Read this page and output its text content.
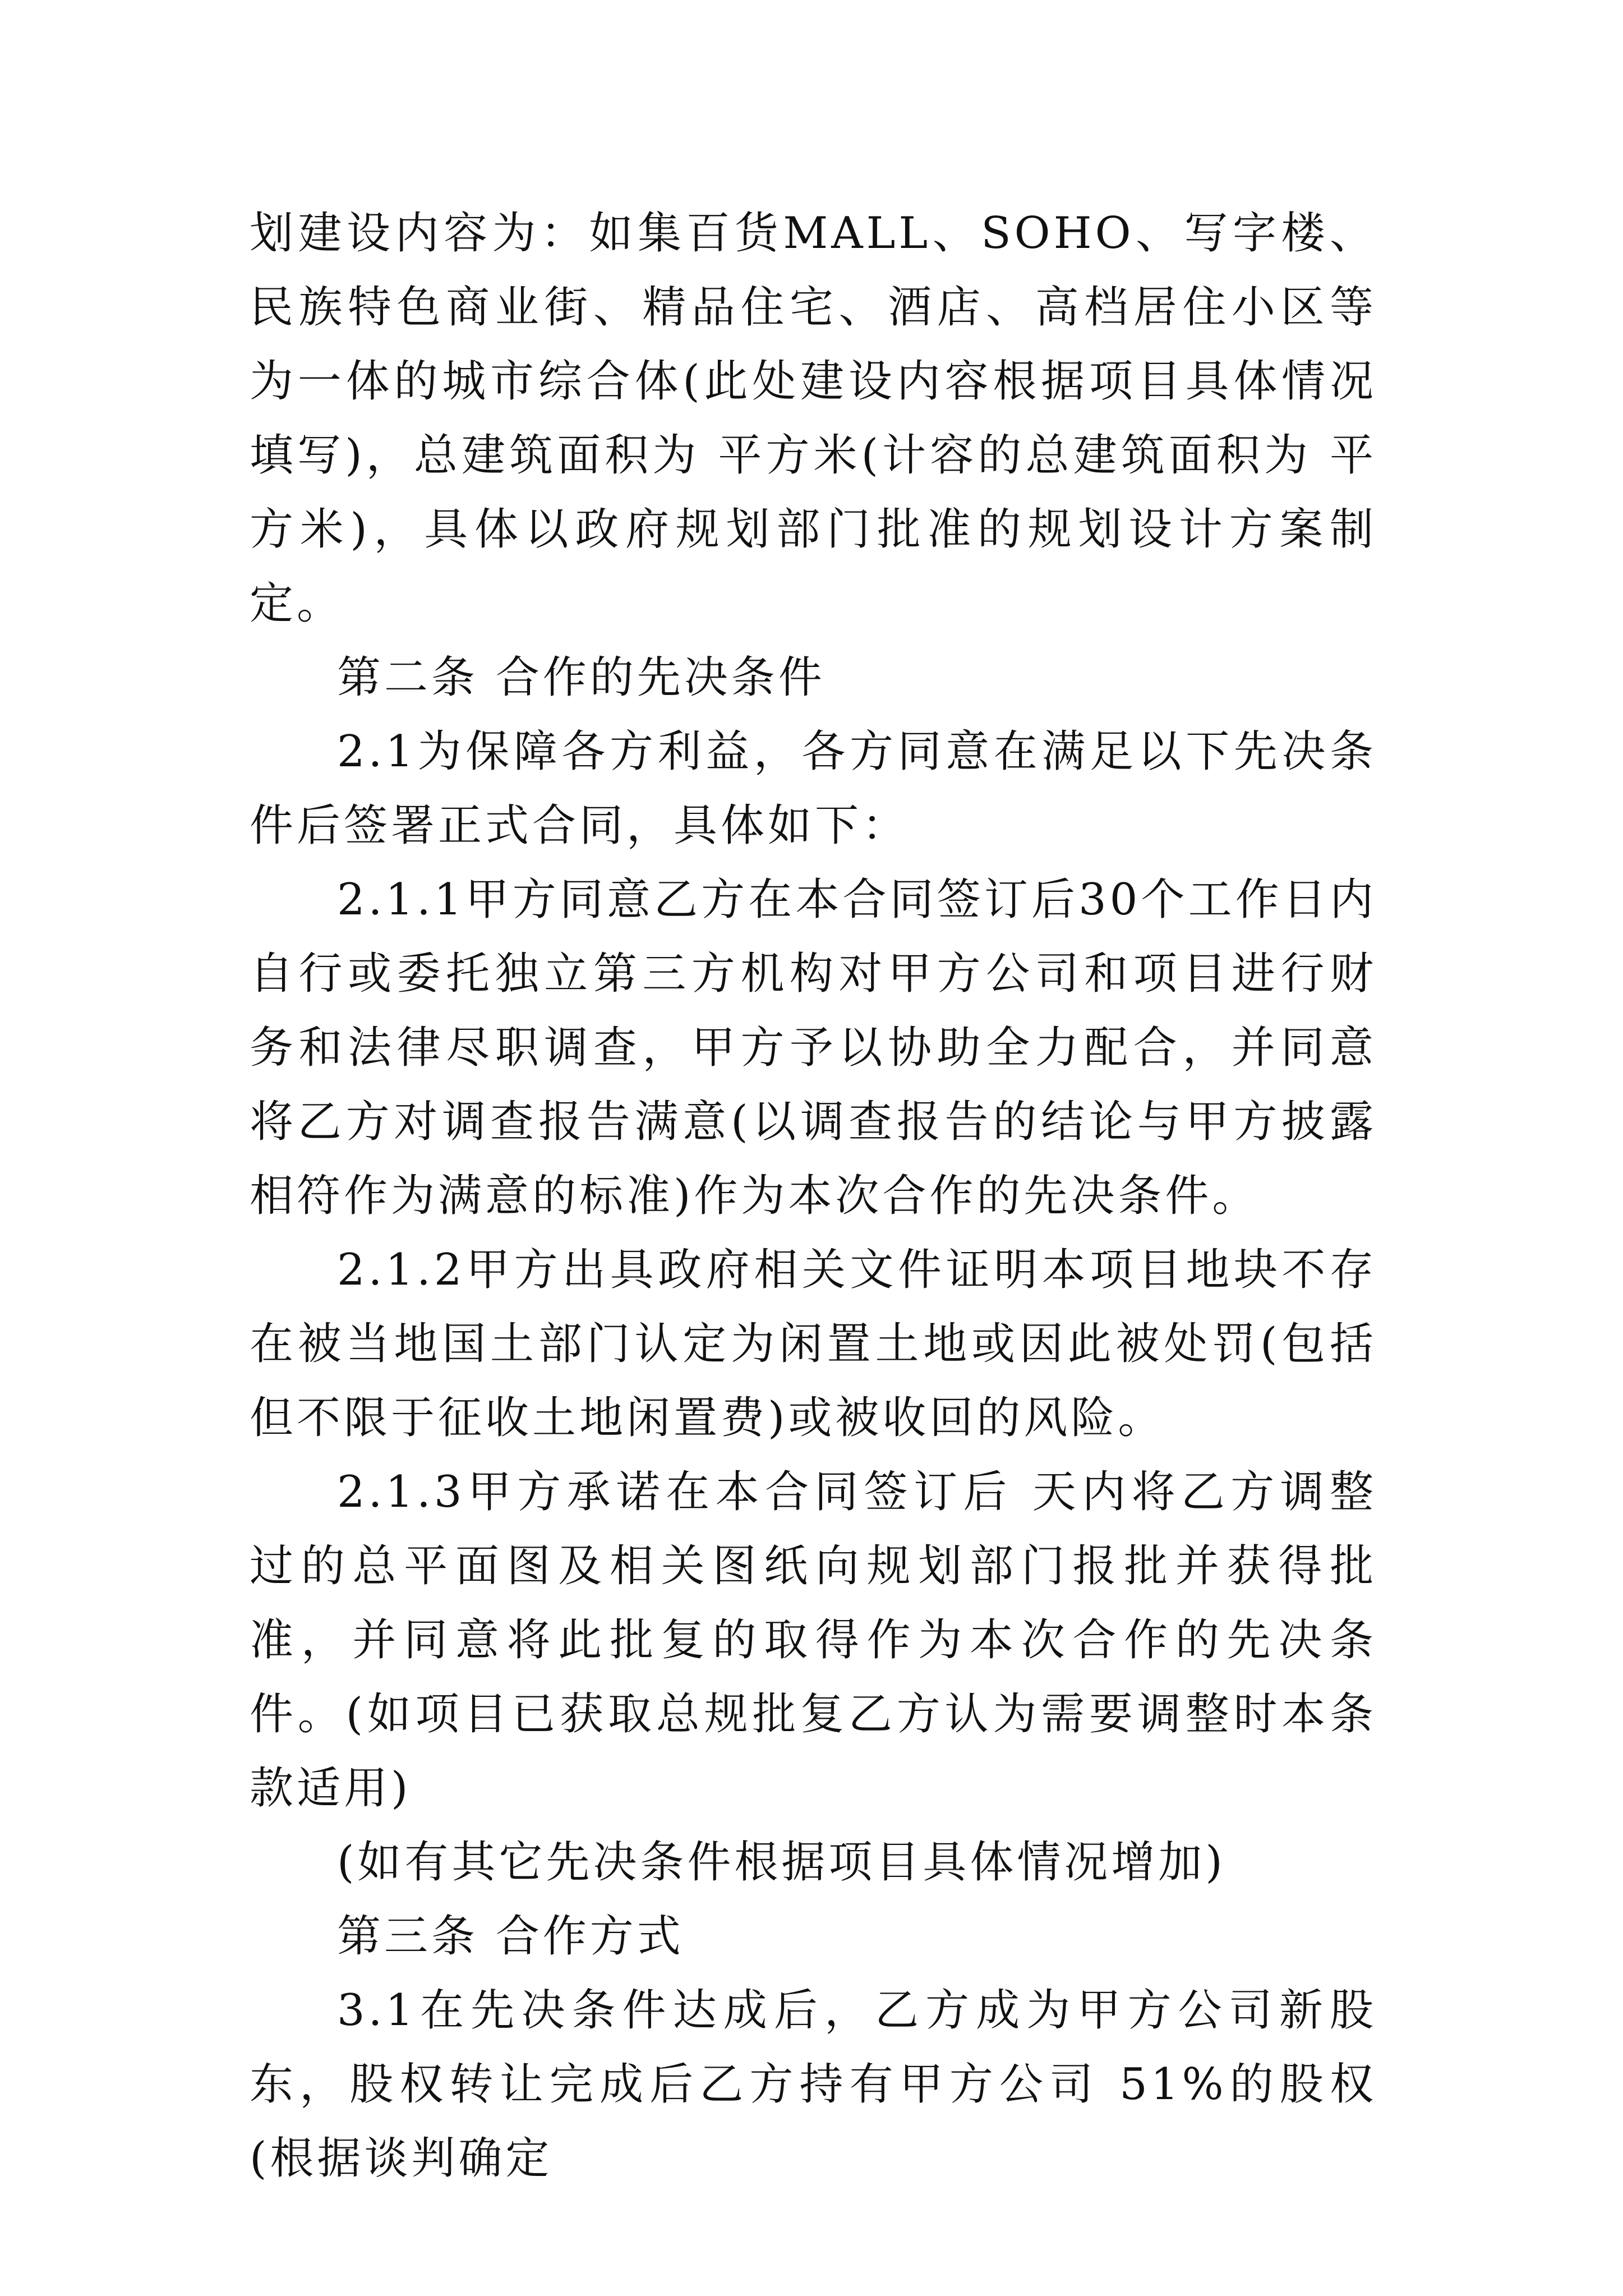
划建设内容为：如集百货MALL、SOHO、写字楼、民族特色商业街、精品住宅、酒店、高档居住小区等为一体的城市综合体(此处建设内容根据项目具体情况填写)，总建筑面积为 平方米(计容的总建筑面积为 平方米)，具体以政府规划部门批准的规划设计方案制定。

第二条 合作的先决条件

2.1为保障各方利益，各方同意在满足以下先决条件后签署正式合同，具体如下：

2.1.1甲方同意乙方在本合同签订后30个工作日内自行或委托独立第三方机构对甲方公司和项目进行财务和法律尽职调查，甲方予以协助全力配合，并同意将乙方对调查报告满意(以调查报告的结论与甲方披露相符作为满意的标准)作为本次合作的先决条件。

2.1.2甲方出具政府相关文件证明本项目地块不存在被当地国土部门认定为闲置土地或因此被处罚(包括但不限于征收土地闲置费)或被收回的风险。

2.1.3甲方承诺在本合同签订后 天内将乙方调整过的总平面图及相关图纸向规划部门报批并获得批准，并同意将此批复的取得作为本次合作的先决条件。(如项目已获取总规批复乙方认为需要调整时本条款适用)

(如有其它先决条件根据项目具体情况增加)

第三条 合作方式

3.1在先决条件达成后，乙方成为甲方公司新股东，股权转让完成后乙方持有甲方公司 51%的股权(根据谈判确定
